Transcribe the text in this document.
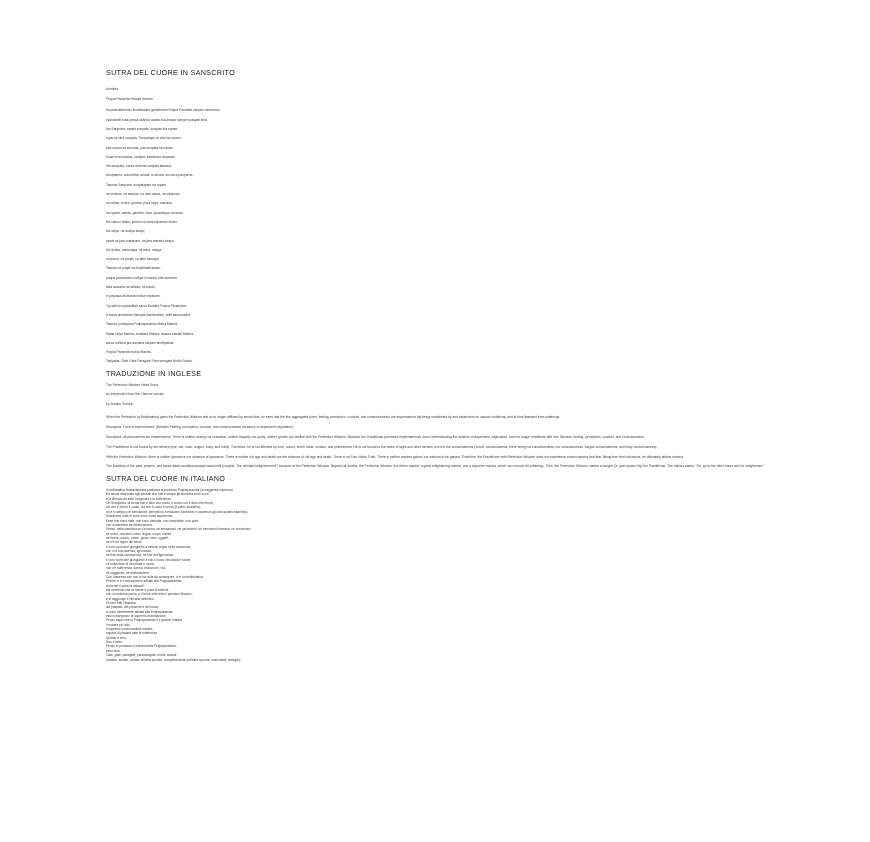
SUTRA DEL CUORE IN SANSCRITO

Animitta

Prajna Paramita Hrdaya Sutram

Aryavalokitesvaro Bodhisattvo gambhiram Prajna Paramita caryam caramano,

vyavalokiti sma panca-skanda asatta sva-bhava sunyam pasyati sma.

Iha Sariputra, rupam sunyata, sunyata iva rupam,

rupa na vitra sunyata, Sunyataya na vitra sa rupam,

yad rupam sa sunyata, yad sunyata sa rupam.

Evam eva vedana, samjna, samskara vijnanam.

Iha sariputra, sarva dharma sunyata laksana,

Anutpanna, aniruddha, amala, a-vimala, anuna a-paripurna.

Tasmac Sariputra, sunyatayam na rupam

na vedana, na samjna, na sam skara, na vijnanam.

na caksu, srotra, ghrana, jihva kaya, manasa,

na rupam, sabda, gandha, rasa, sprastavya, dharma.

Na caksur dhatu, yavan na manovijnanam dhatu.

Na vidya, na avidya ksayo,

yavat na jara-maranam, na jara-marana ksayo.

Na duhka, samudaya, nirodha, marga.

na jnana, na prapti, na abhi samaya.

Tasmai na prapti tva Bodhisattvanam,

prajna paramitam a srtiya vi-haraty citta avarana.

citta avarana na stitvad, na trasto,

vi paryasa ati kranta nistha nirvanam.

Try adhva vyavastitah sarva Buddha Prajna Paramitam

A srtiya anuttaram Samyak Sambodhim, abhi sambuddha.

Tasmat, jnatavyam Prajnaparamita Maha Mantra,

Maha vidya Mantra, Anuttara Mantra, asama-samati Mantra,

sarva duhkha pra samana satyam amithyatvat.

Prajna Paramita mukto Mantra.

Tadyatha, Gate Gate Paragate Para samgate Bodhi Svaha.

TRADUZIONE IN INGLESE

The Perfection Wisdom Heart Sutra

As interpreted from the Chinese version

by Johann Sumpin

When the Perfection (a Bodhisattva) gains the Perfection Wisdom and is no longer afflicted by sense bias, he sees that the five aggregates (form, feeling, perception, conduct, and consciousness) are impermanent (all being manifested by and dependent on causal conditions) and is thus liberated from sufferings.

Shariputra, Form is impermanent. (Besides Feeling, perception, conduct, and consciousness (because of dependent origination).

Shariputra, all phenomena are impermanent. There is neither arising nor cessation, neither impurity nor purity, neither growth nor decline with the Perfection Wisdom. Because the Practitioner perceives impermanence (from understanding the doctrine of dependent origination), form no longer manifests with him, likewise, feeling, perception, conduct, and consciousness.

The Practitioner is not bound by the senses (eye, ear, nose, tongue, body, and mind). Therefore, he is not affected by form, sound, smell, taste, contact, and phenomena. He is not bound to the realm of sight and other senses, even to the consciousness ("mind" consciousness, there being not consciousness, nor consciousness, tongue consciousness, and body consciousness).

With the Perfection Wisdom, there is neither ignorance nor absence of ignorance. There is neither old age and death nor the absence of old age and death. There is no Four Noble Truth. There is neither wisdom gained nor wisdom to be gained. Therefore, the Practitioner with Perfection Wisdom does not experience consciousness and fear. Being free from delusions, he ultimately attains nirvana.

The Buddhas of the past, present, and future attain anuttara-samyak-sambodhi (roughly: "the ultimate enlightenment") because of the Perfection Wisdom. Beyond all doubts, the Perfection Wisdom is a divine mantra, a great enlightening mantra, and a supreme mantra, which can remove all sufferings. Thus, the Perfection Wisdom mantra is taught: (in (and spoken by) the Practitioner. The mantra states: "Go, go to the other shore and be enlightened."

SUTRA DEL CUORE IN ITALIANO

Il bodhisattva Avalokitesvara praticava la profonda Prajnaparamita (la saggezza suprema)

Ed aveva osservato egli pensati che tutti e cinque gli skandha sono vuoti

e le liberato da tutte l'angoscia e la sofferenza.

Oh Shariputra, la forma non è altro che vuoto, il vuoto non è altro che forma,

ciò che è forma è vuoto, ciò che il vuoto è forma (il primo skandha),

ed è lo stesso per sensazioni, percezioni, formazioni karmiche e coscienza (gli altri quattro skandha).

Shariputra, tutte le cose sono vuote apparenze;

Esse non sono nate, non sono distrutte, non macchiate, non pure,

non aumentano né diminuiscono.

Perciò, nella vacuità non c'è forma, né sensazioni, né percezioni, né formazioni karmica, né coscienza;

né occhi, orecchio, naso, lingua, corpo, mente;

né forma, suono, odore, gusto, tatto, oggetti;

né c'è un regno dei sensi;

e così via finché giungiamo a nessun regno della coscienza;

non vi è conoscenza, ignoranza,

né fine della conoscenza, né fine dell'ignoranza;

e così via finché giungiamo a non ci sono vecchiaia e morte;

né estinzione di vecchiaia e morte;

non c'è sofferenza, karma, estinzione, Via,

né saggezza, né realizzazione.

Con l'assenza che non vi ha nulla da conseguire, vi è un bodhisattva.

Poiché vi è il meccanismo affidati alla Prajnaparamita,

la mente è priva di ostacoli;

dal momento che la mente è priva d'ostacoli,

non vi contrava paura, e il bene oltre tutto il pensiero illusorio,

e si raggiunge il Nirvana definitivo.

Perché tutti i Buddha

del passato, del presente e del futuro

si sono interamente affidati alla Prajnaparamita

essi conseguono la suprema illuminazione.

Perciò sappi che la Prajnaparamita è il grande mantra,

il mantra più alto,

il supremo incomparabile mantra,

capace di placare tutte le sofferenze.

Questo è vero.

Non è falso.

Perciò io proclamo il mantra della Prajnaparamita,

esso dice:

Gate, gate, paragate, parasamgate, bodhi, svaha!

(andato, andato, andato all'altra sponda, completamente sull'altra sponda, lunminante risveglio)
